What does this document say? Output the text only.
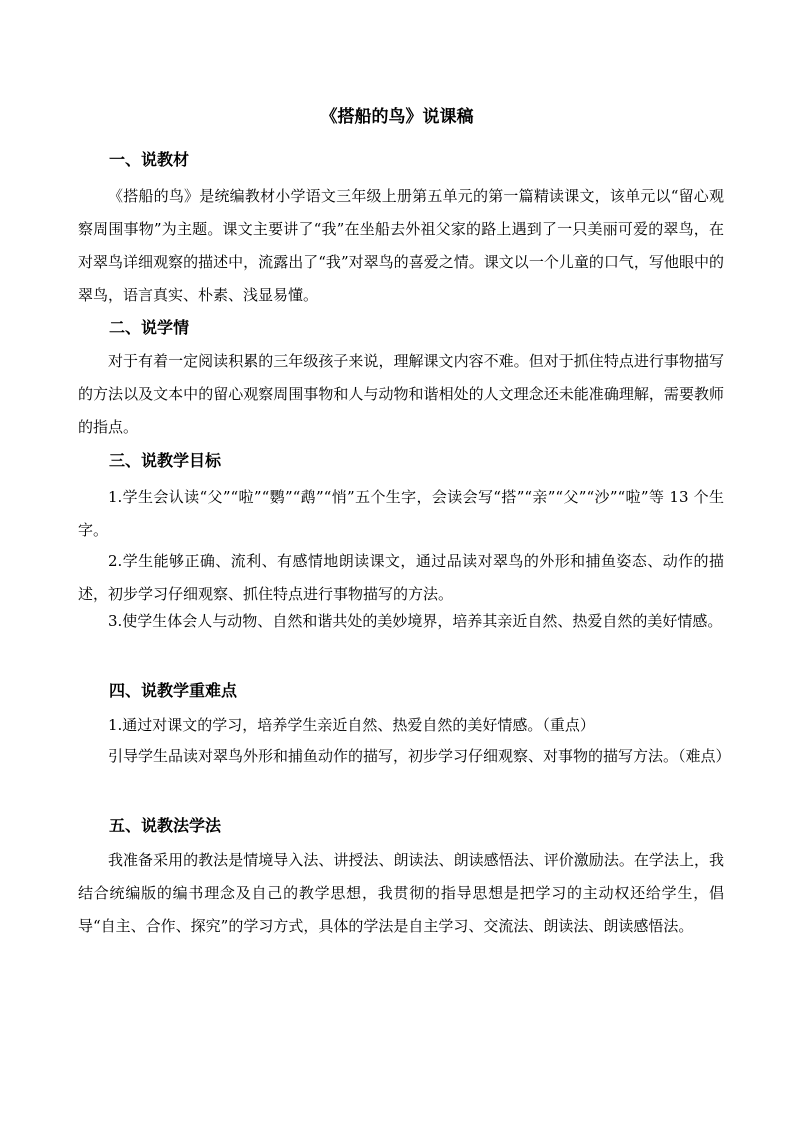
《搭船的鸟》说课稿
一、说教材
《搭船的鸟》是统编教材小学语文三年级上册第五单元的第一篇精读课文，该单元以“留心观察周围事物”为主题。课文主要讲了“我”在坐船去外祖父家的路上遇到了一只美丽可爱的翠鸟，在对翠鸟详细观察的描述中，流露出了“我”对翠鸟的喜爱之情。课文以一个儿童的口气，写他眼中的翠鸟，语言真实、朴素、浅显易懂。
二、说学情
对于有着一定阅读积累的三年级孩子来说，理解课文内容不难。但对于抓住特点进行事物描写的方法以及文本中的留心观察周围事物和人与动物和谐相处的人文理念还未能准确理解，需要教师的指点。
三、说教学目标
1.学生会认读“父”“啦”“鹦”“鹉”“悄”五个生字，会读会写“搭”“亲”“父”“沙”“啦”等 13 个生字。
2.学生能够正确、流利、有感情地朗读课文，通过品读对翠鸟的外形和捕鱼姿态、动作的描述，初步学习仔细观察、抓住特点进行事物描写的方法。
3.使学生体会人与动物、自然和谐共处的美妙境界，培养其亲近自然、热爱自然的美好情感。
四、说教学重难点
1.通过对课文的学习，培养学生亲近自然、热爱自然的美好情感。（重点）
引导学生品读对翠鸟外形和捕鱼动作的描写，初步学习仔细观察、对事物的描写方法。（难点）
五、说教法学法
我准备采用的教法是情境导入法、讲授法、朗读法、朗读感悟法、评价激励法。在学法上，我结合统编版的编书理念及自己的教学思想，我贯彻的指导思想是把学习的主动权还给学生，倡导“自主、合作、探究”的学习方式，具体的学法是自主学习、交流法、朗读法、朗读感悟法。
